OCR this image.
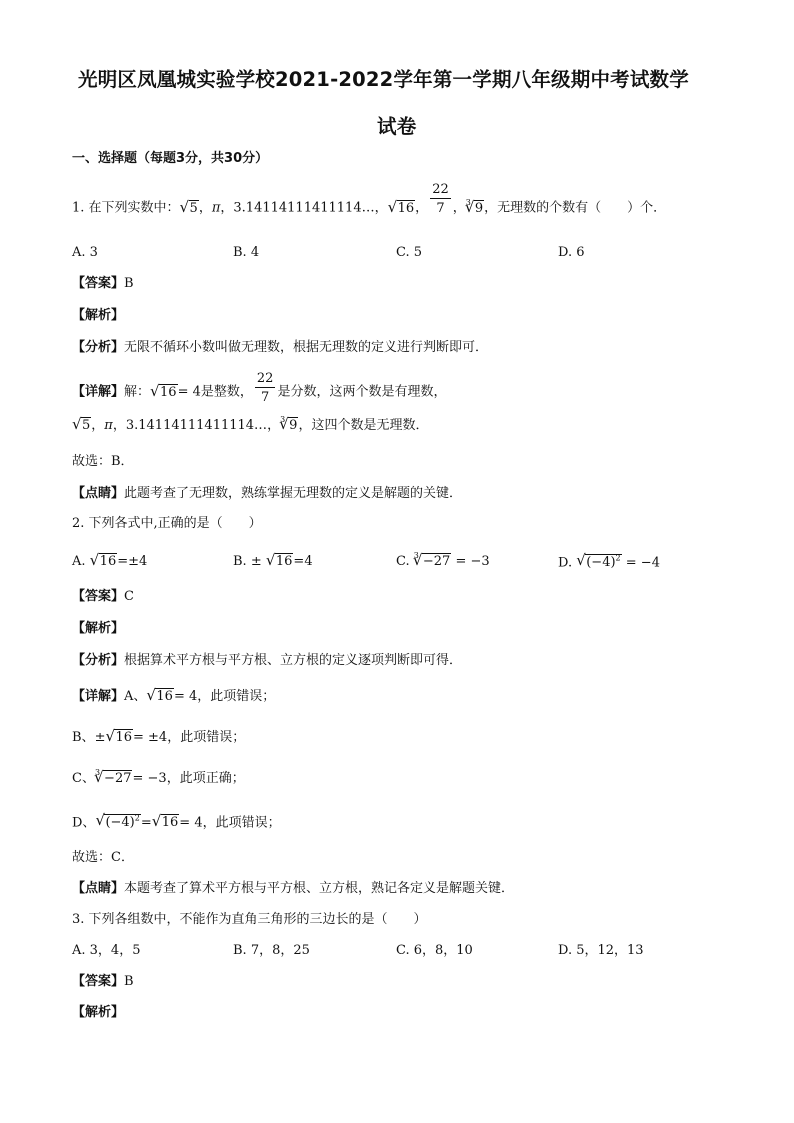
光明区凤凰城实验学校2021-2022学年第一学期八年级期中考试数学
试卷
一、选择题（每题3分，共30分）
1. 在下列实数中：√ 5，π，3.14114111411114…，√ 16， $\frac{22}{7}$ ，$^3$√ 9，无理数的个数有（　　）个．
A. 3	B. 4	C. 5	D. 6
【答案】B
【解析】
【分析】无限不循环小数叫做无理数，根据无理数的定义进行判断即可．
【详解】解：√ 16= 4是整数， $\frac{22}{7}$ 是分数，这两个数是有理数，
√ 5，π，3.14114111411114…，$^3$√ 9，这四个数是无理数．
故选：B．
【点睛】此题考查了无理数，熟练掌握无理数的定义是解题的关键．
2. 下列各式中,正确的是（　　）
A. √ 16=±4	B. ± √ 16=4	C. $^3$√ −27 = −3	D. √ $(-4)^2 = -4$
【答案】C
【解析】
【分析】根据算术平方根与平方根、立方根的定义逐项判断即可得．
【详解】A、√ 16= 4，此项错误；
B、±√ 16= ±4，此项错误；
C、$^3$√ −27= −3，此项正确；
D、√ $(-4)^2=√$ 16= 4，此项错误；
故选：C．
【点睛】本题考查了算术平方根与平方根、立方根，熟记各定义是解题关键．
3. 下列各组数中，不能作为直角三角形的三边长的是（　　）
A. 3，4，5	B. 7，8，25	C. 6，8，10	D. 5，12，13
【答案】B
【解析】
